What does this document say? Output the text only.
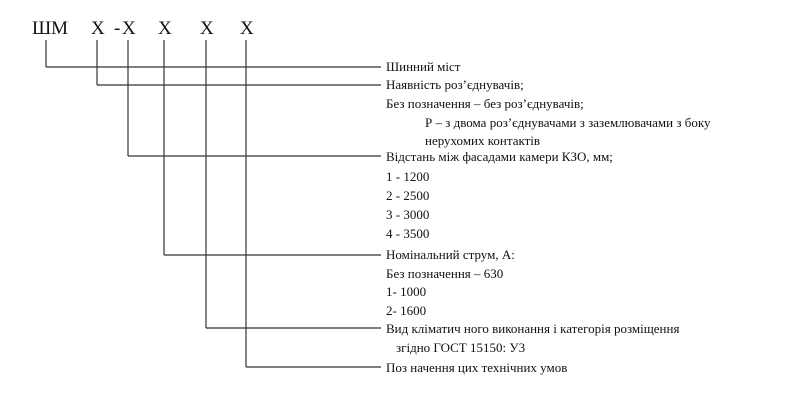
ШМ X - X X X X
Шинний міст
Наявність роз’єднувачів;
Без позначення – без роз’єднувачів;
Р – з двома роз’єднувачами з заземлювачами з боку
нерухомих контактів
Відстань між фасадами камери КЗО, мм;
1 - 1200
2 - 2500
3 - 3000
4 - 3500
Номінальний струм, А:
Без позначення – 630
1- 1000
2- 1600
Вид кліматич ного виконання і категорія розміщення
згідно ГОСТ 15150: У3
Поз начення цих технічних умов
